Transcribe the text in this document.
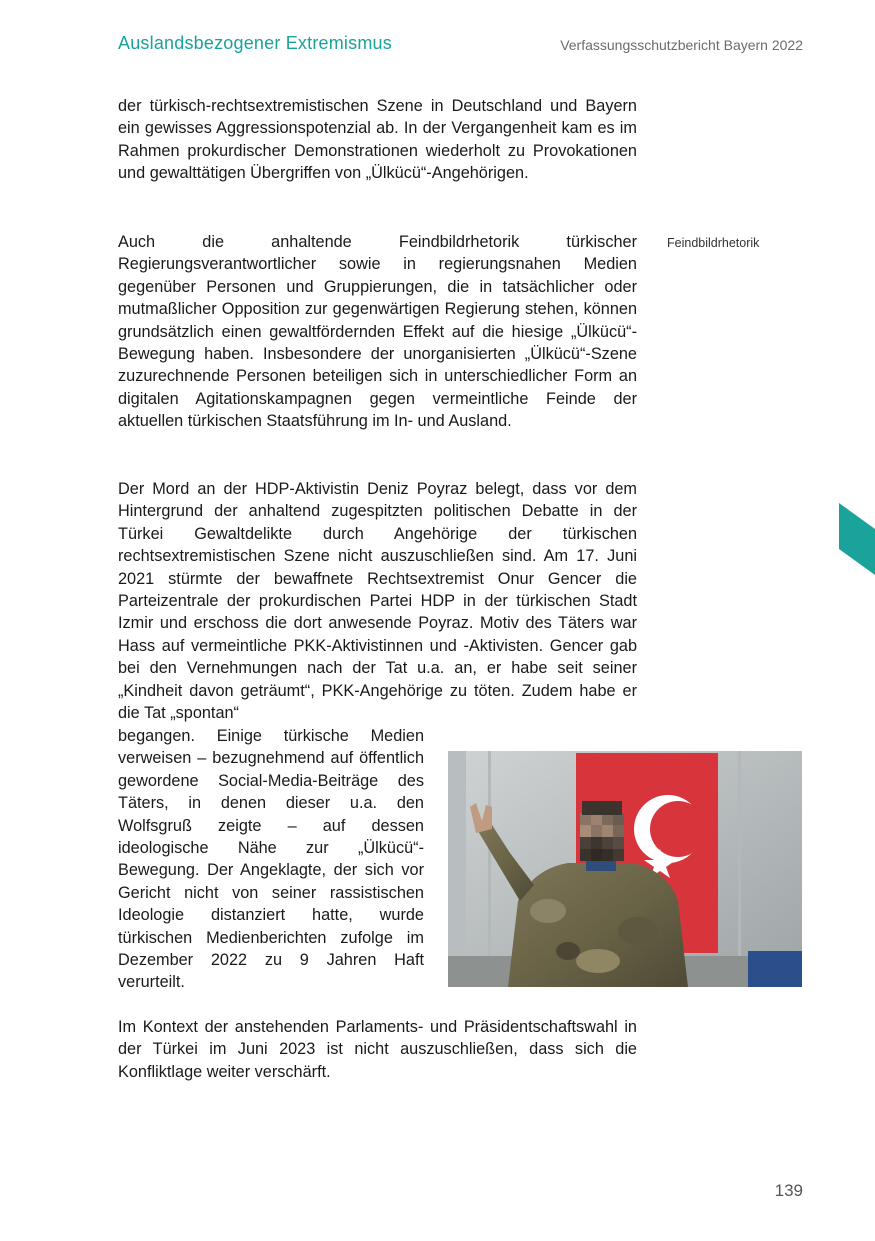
Auslandsbezogener Extremismus	Verfassungsschutzbericht Bayern 2022

der türkisch-rechtsextremistischen Szene in Deutschland und Bayern ein gewisses Aggressionspotenzial ab. In der Vergangenheit kam es im Rahmen prokurdischer Demonstrationen wiederholt zu Provokationen und gewalttätigen Übergriffen von „Ülkücü“-Angehörigen.

Auch die anhaltende Feindbildrhetorik türkischer Regierungsverantwortlicher sowie in regierungsnahen Medien gegenüber Personen und Gruppierungen, die in tatsächlicher oder mutmaßlicher Opposition zur gegenwärtigen Regierung stehen, können grundsätzlich einen gewaltfördernden Effekt auf die hiesige „Ülkücü“-Bewegung haben. Insbesondere der unorganisierten „Ülkücü“-Szene zuzurechnende Personen beteiligen sich in unterschiedlicher Form an digitalen Agitationskampagnen gegen vermeintliche Feinde der aktuellen türkischen Staatsführung im In- und Ausland.

Feindbildrhetorik

Der Mord an der HDP-Aktivistin Deniz Poyraz belegt, dass vor dem Hintergrund der anhaltend zugespitzten politischen Debatte in der Türkei Gewaltdelikte durch Angehörige der türkischen rechtsextremistischen Szene nicht auszuschließen sind. Am 17. Juni 2021 stürmte der bewaffnete Rechtsextremist Onur Gencer die Parteizentrale der prokurdischen Partei HDP in der türkischen Stadt Izmir und erschoss die dort anwesende Poyraz. Motiv des Täters war Hass auf vermeintliche PKK-Aktivistinnen und -Aktivisten. Gencer gab bei den Vernehmungen nach der Tat u.a. an, er habe seit seiner „Kindheit davon geträumt“, PKK-Angehörige zu töten. Zudem habe er die Tat „spontan“

begangen. Einige türkische Medien verweisen – bezugnehmend auf öffentlich gewordene Social-Media-Beiträge des Täters, in denen dieser u.a. den Wolfsgruß zeigte – auf dessen ideologische Nähe zur „Ülkücü“-Bewegung. Der Angeklagte, der sich vor Gericht nicht von seiner rassistischen Ideologie distanziert hatte, wurde türkischen Medienberichten zufolge im Dezember 2022 zu 9 Jahren Haft verurteilt.

Im Kontext der anstehenden Parlaments- und Präsidentschaftswahl in der Türkei im Juni 2023 ist nicht auszuschließen, dass sich die Konfliktlage weiter verschärft.

139
